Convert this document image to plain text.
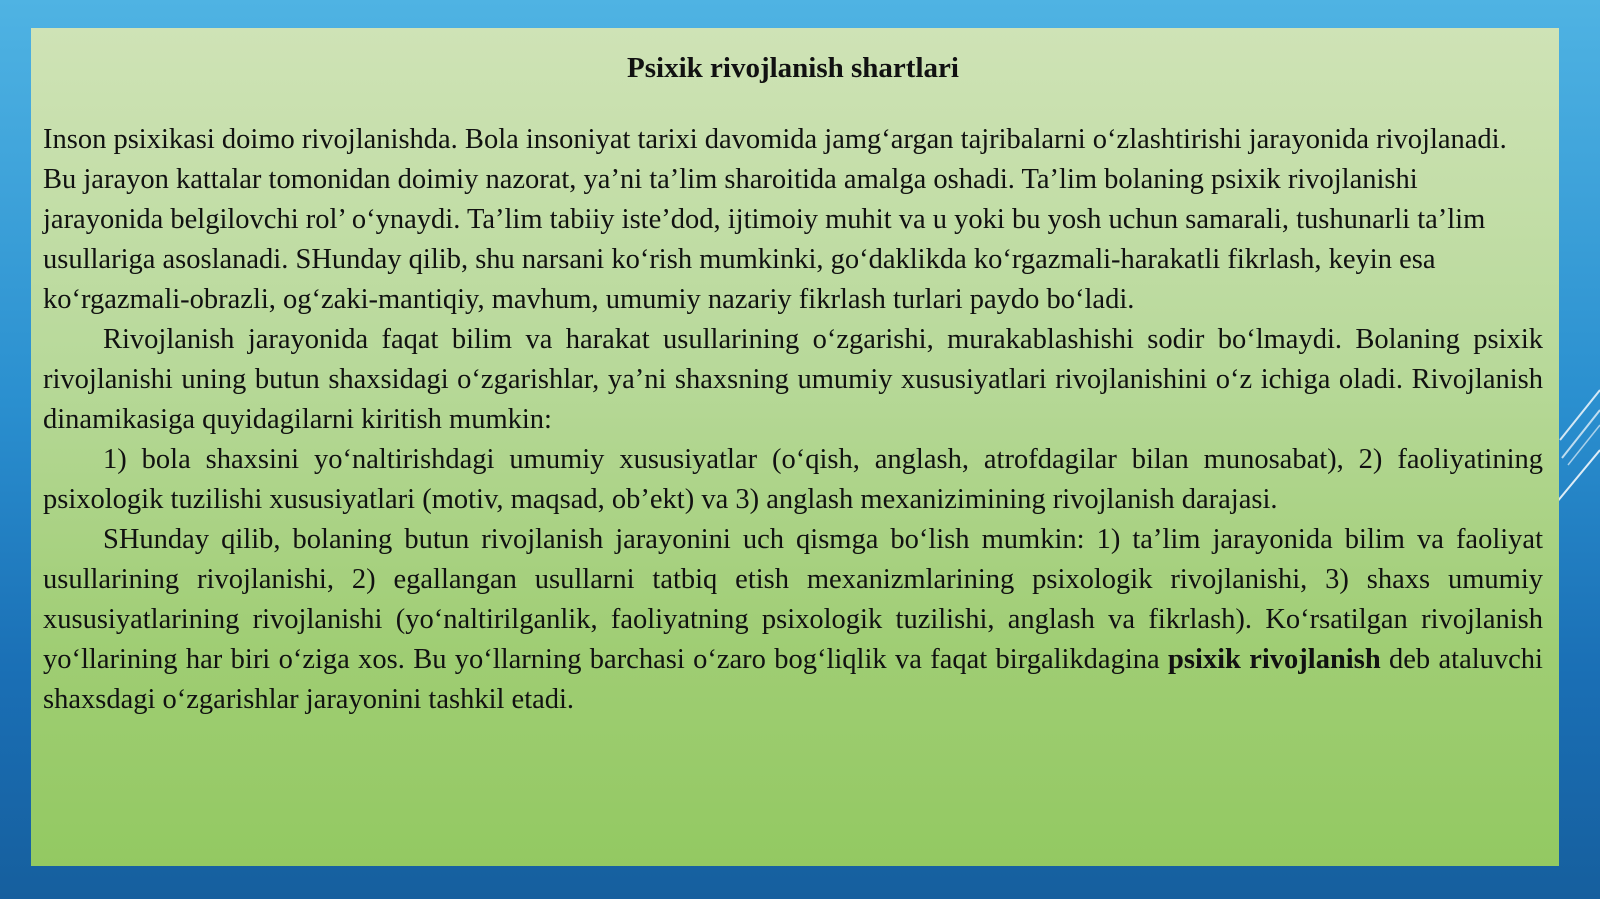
Psixik rivojlanish shartlari

Inson psixikasi doimo rivojlanishda. Bola insoniyat tarixi davomida jamg‘argan tajribalarni o‘zlashtirishi jarayonida rivojlanadi. Bu jarayon kattalar tomonidan doimiy nazorat, ya’ni ta’lim sharoitida amalga oshadi. Ta’lim bolaning psixik rivojlanishi jarayonida belgilovchi rol’ o‘ynaydi. Ta’lim tabiiy iste’dod, ijtimoiy muhit va u yoki bu yosh uchun samarali, tushunarli ta’lim usullariga asoslanadi. SHunday qilib, shu narsani ko‘rish mumkinki, go‘daklikda ko‘rgazmali-harakatli fikrlash, keyin esa ko‘rgazmali-obrazli, og‘zaki-mantiqiy, mavhum, umumiy nazariy fikrlash turlari paydo bo‘ladi.

Rivojlanish jarayonida faqat bilim va harakat usullarining o‘zgarishi, murakablashishi sodir bo‘lmaydi. Bolaning psixik rivojlanishi uning butun shaxsidagi o‘zgarishlar, ya’ni shaxsning umumiy xususiyatlari rivojlanishini o‘z ichiga oladi. Rivojlanish dinamikasiga quyidagilarni kiritish mumkin:

1) bola shaxsini yo‘naltirishdagi umumiy xususiyatlar (o‘qish, anglash, atrofdagilar bilan munosabat), 2) faoliyatining psixologik tuzilishi xususiyatlari (motiv, maqsad, ob’ekt) va 3) anglash mexanizimining rivojlanish darajasi.

SHunday qilib, bolaning butun rivojlanish jarayonini uch qismga bo‘lish mumkin: 1) ta’lim jarayonida bilim va faoliyat usullarining rivojlanishi, 2) egallangan usullarni tatbiq etish mexanizmlarining psixologik rivojlanishi, 3) shaxs umumiy xususiyatlarining rivojlanishi (yo‘naltirilganlik, faoliyatning psixologik tuzilishi, anglash va fikrlash). Ko‘rsatilgan rivojlanish yo‘llarining har biri o‘ziga xos. Bu yo‘llarning barchasi o‘zaro bog‘liqlik va faqat birgalikdagina psixik rivojlanish deb ataluvchi shaxsdagi o‘zgarishlar jarayonini tashkil etadi.
